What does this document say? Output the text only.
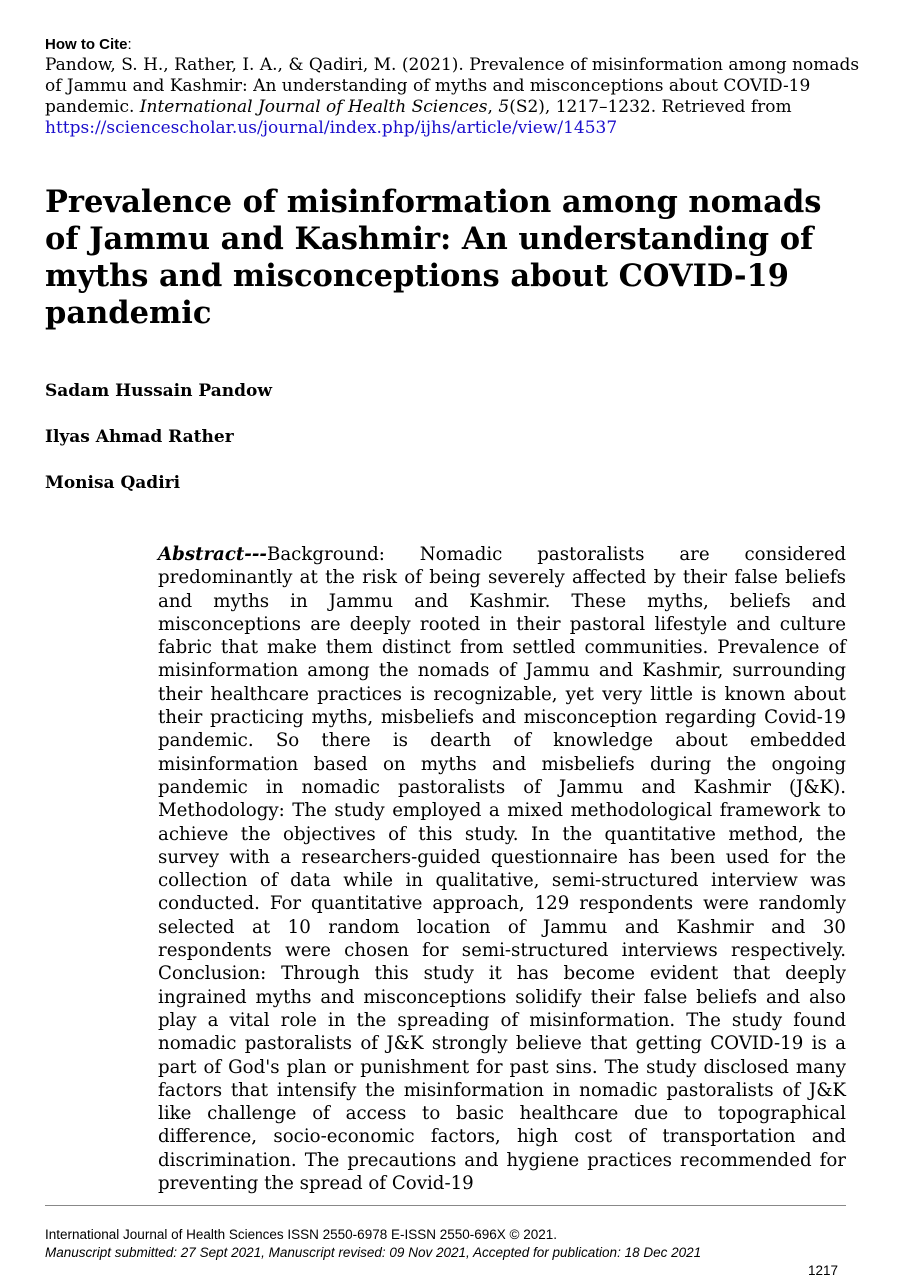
How to Cite:
Pandow, S. H., Rather, I. A., & Qadiri, M. (2021). Prevalence of misinformation among nomads of Jammu and Kashmir: An understanding of myths and misconceptions about COVID-19 pandemic. International Journal of Health Sciences, 5(S2), 1217–1232. Retrieved from https://sciencescholar.us/journal/index.php/ijhs/article/view/14537
Prevalence of misinformation among nomads of Jammu and Kashmir: An understanding of myths and misconceptions about COVID-19 pandemic
Sadam Hussain Pandow
Ilyas Ahmad Rather
Monisa Qadiri

Abstract---Background: Nomadic pastoralists are considered predominantly at the risk of being severely affected by their false beliefs and myths in Jammu and Kashmir. These myths, beliefs and misconceptions are deeply rooted in their pastoral lifestyle and culture fabric that make them distinct from settled communities. Prevalence of misinformation among the nomads of Jammu and Kashmir, surrounding their healthcare practices is recognizable, yet very little is known about their practicing myths, misbeliefs and misconception regarding Covid-19 pandemic. So there is dearth of knowledge about embedded misinformation based on myths and misbeliefs during the ongoing pandemic in nomadic pastoralists of Jammu and Kashmir (J&K). Methodology: The study employed a mixed methodological framework to achieve the objectives of this study. In the quantitative method, the survey with a researchers-guided questionnaire has been used for the collection of data while in qualitative, semi-structured interview was conducted. For quantitative approach, 129 respondents were randomly selected at 10 random location of Jammu and Kashmir and 30 respondents were chosen for semi-structured interviews respectively. Conclusion: Through this study it has become evident that deeply ingrained myths and misconceptions solidify their false beliefs and also play a vital role in the spreading of misinformation. The study found nomadic pastoralists of J&K strongly believe that getting COVID-19 is a part of God's plan or punishment for past sins. The study disclosed many factors that intensify the misinformation in nomadic pastoralists of J&K like challenge of access to basic healthcare due to topographical difference, socio-economic factors, high cost of transportation and discrimination. The precautions and hygiene practices recommended for preventing the spread of Covid-19

International Journal of Health Sciences ISSN 2550-6978 E-ISSN 2550-696X © 2021.
Manuscript submitted: 27 Sept 2021, Manuscript revised: 09 Nov 2021, Accepted for publication: 18 Dec 2021
1217
